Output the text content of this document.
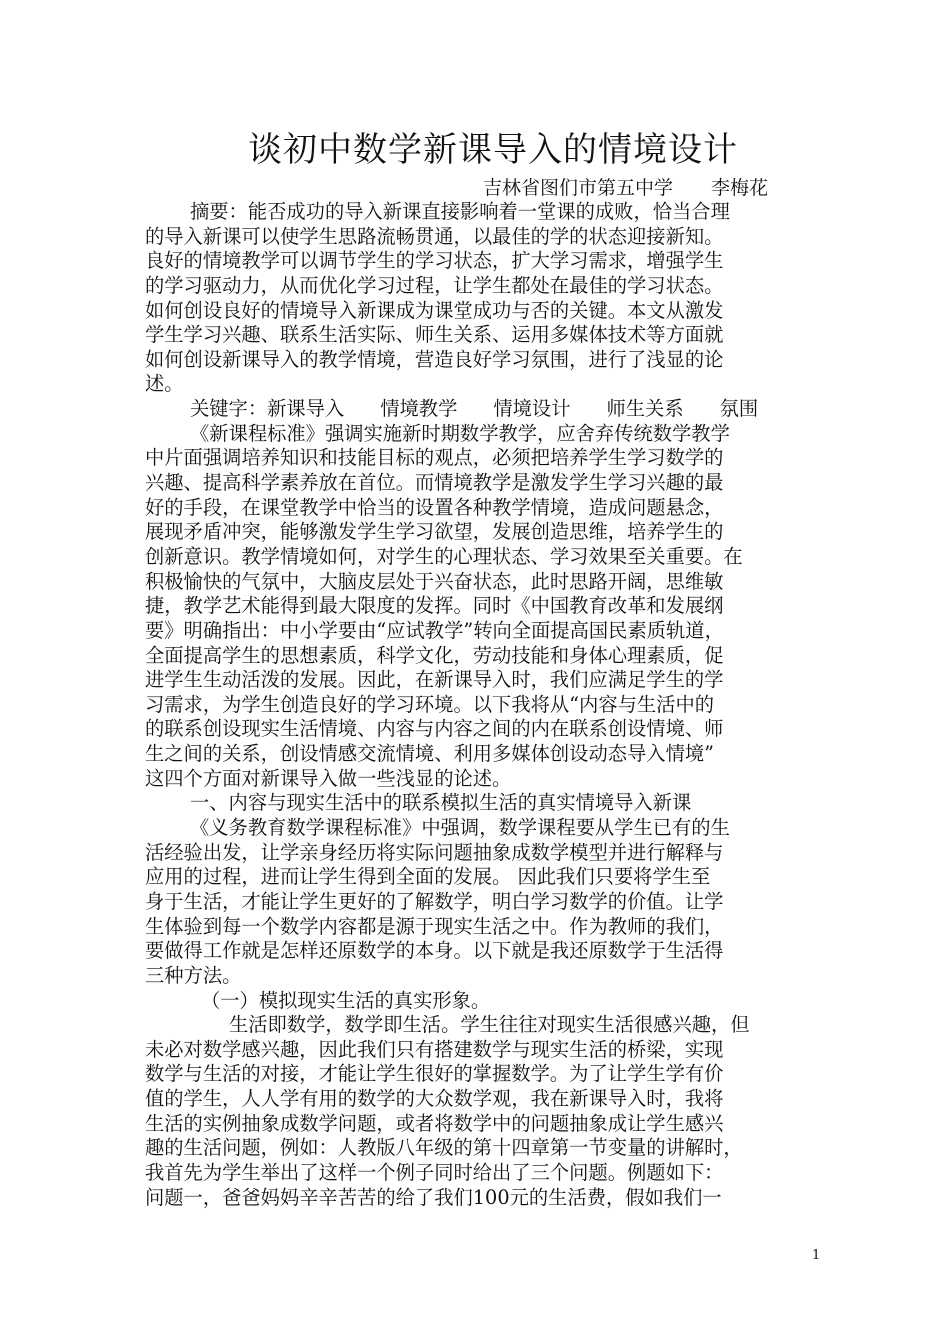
谈初中数学新课导入的情境设计
吉林省图们市第五中学 李梅花
摘要：能否成功的导入新课直接影响着一堂课的成败，恰当合理
的导入新课可以使学生思路流畅贯通，以最佳的学的状态迎接新知。
良好的情境教学可以调节学生的学习状态，扩大学习需求，增强学生
的学习驱动力，从而优化学习过程，让学生都处在最佳的学习状态。
如何创设良好的情境导入新课成为课堂成功与否的关键。本文从激发
学生学习兴趣、联系生活实际、师生关系、运用多媒体技术等方面就
如何创设新课导入的教学情境，营造良好学习氛围，进行了浅显的论
述。
关键字：新课导入 情境教学 情境设计 师生关系 氛围
《新课程标准》强调实施新时期数学教学，应舍弃传统数学教学
中片面强调培养知识和技能目标的观点，必须把培养学生学习数学的
兴趣、提高科学素养放在首位。而情境教学是激发学生学习兴趣的最
好的手段，在课堂教学中恰当的设置各种教学情境，造成问题悬念，
展现矛盾冲突，能够激发学生学习欲望，发展创造思维，培养学生的
创新意识。教学情境如何，对学生的心理状态、学习效果至关重要。在
积极愉快的气氛中，大脑皮层处于兴奋状态，此时思路开阔，思维敏
捷，教学艺术能得到最大限度的发挥。同时《中国教育改革和发展纲
要》明确指出：中小学要由“应试教学”转向全面提高国民素质轨道，
全面提高学生的思想素质，科学文化，劳动技能和身体心理素质，促
进学生生动活泼的发展。因此，在新课导入时，我们应满足学生的学
习需求，为学生创造良好的学习环境。以下我将从“内容与生活中的
的联系创设现实生活情境、内容与内容之间的内在联系创设情境、师
生之间的关系，创设情感交流情境、利用多媒体创设动态导入情境”
这四个方面对新课导入做一些浅显的论述。
一、内容与现实生活中的联系模拟生活的真实情境导入新课
《义务教育数学课程标准》中强调，数学课程要从学生已有的生
活经验出发，让学亲身经历将实际问题抽象成数学模型并进行解释与
应用的过程，进而让学生得到全面的发展。 因此我们只要将学生至
身于生活，才能让学生更好的了解数学，明白学习数学的价值。让学
生体验到每一个数学内容都是源于现实生活之中。作为教师的我们，
要做得工作就是怎样还原数学的本身。以下就是我还原数学于生活得
三种方法。
（一）模拟现实生活的真实形象。
生活即数学，数学即生活。学生往往对现实生活很感兴趣，但
未必对数学感兴趣，因此我们只有搭建数学与现实生活的桥梁，实现
数学与生活的对接，才能让学生很好的掌握数学。为了让学生学有价
值的学生，人人学有用的数学的大众数学观，我在新课导入时，我将
生活的实例抽象成数学问题，或者将数学中的问题抽象成让学生感兴
趣的生活问题，例如：人教版八年级的第十四章第一节变量的讲解时，
我首先为学生举出了这样一个例子同时给出了三个问题。例题如下：
问题一，爸爸妈妈辛辛苦苦的给了我们100元的生活费，假如我们一
1
